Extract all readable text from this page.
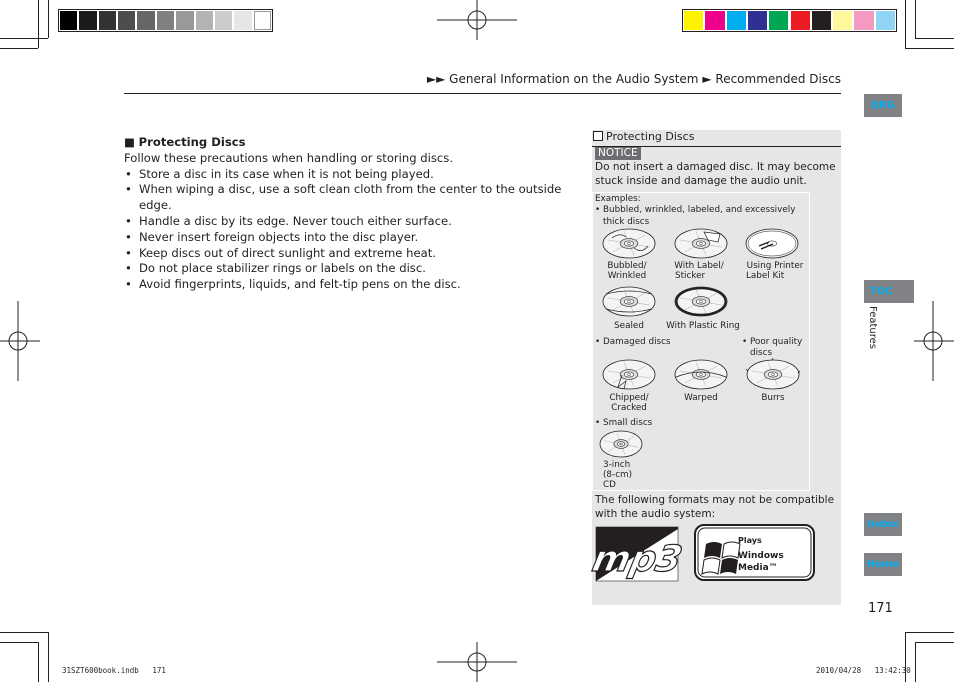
►► General Information on the Audio System ► Recommended Discs
■ Protecting Discs
Follow these precautions when handling or storing discs.
• Store a disc in its case when it is not being played.
• When wiping a disc, use a soft clean cloth from the center to the outside edge.
• Handle a disc by its edge. Never touch either surface.
• Never insert foreign objects into the disc player.
• Keep discs out of direct sunlight and extreme heat.
• Do not place stabilizer rings or labels on the disc.
• Avoid fingerprints, liquids, and felt-tip pens on the disc.
Protecting Discs
NOTICE
Do not insert a damaged disc. It may become stuck inside and damage the audio unit.
Examples:
• Bubbled, wrinkled, labeled, and excessively
thick discs
Bubbled/
Wrinkled
With Label/
Sticker
Using Printer
Label Kit
Sealed	With Plastic Ring
• Damaged discs	• Poor quality
discs
Chipped/
Cracked
Warped	Burrs
• Small discs
3-inch
(8-cm)
CD
The following formats may not be compatible with the audio system:
mp3	Plays
Windows
Media™
TM
QRG
TOC
Features
Index
Home
171
31SZT600book.indb 171	2010/04/28 13:42:30
